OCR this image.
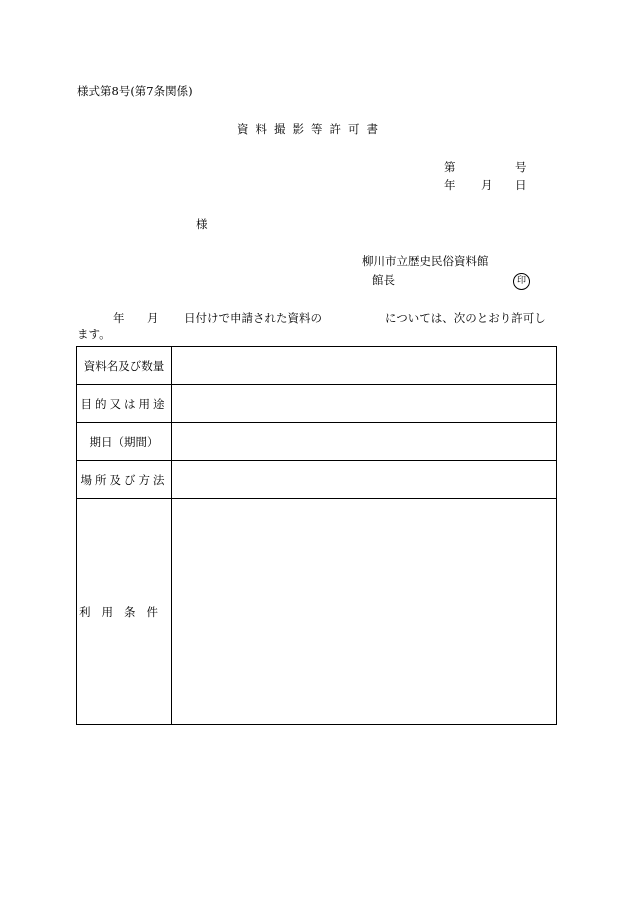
様式第8号(第7条関係)
資料撮影等許可書
第	号
年 月 日
様
柳川市立歴史民俗資料館
館長	印
年 月 日付けで申請された資料の	については、次のとおり許可し
ます。
資料名及び数量	
目的又は用途	
期日（期間）	
場所及び方法	
利用条件	
